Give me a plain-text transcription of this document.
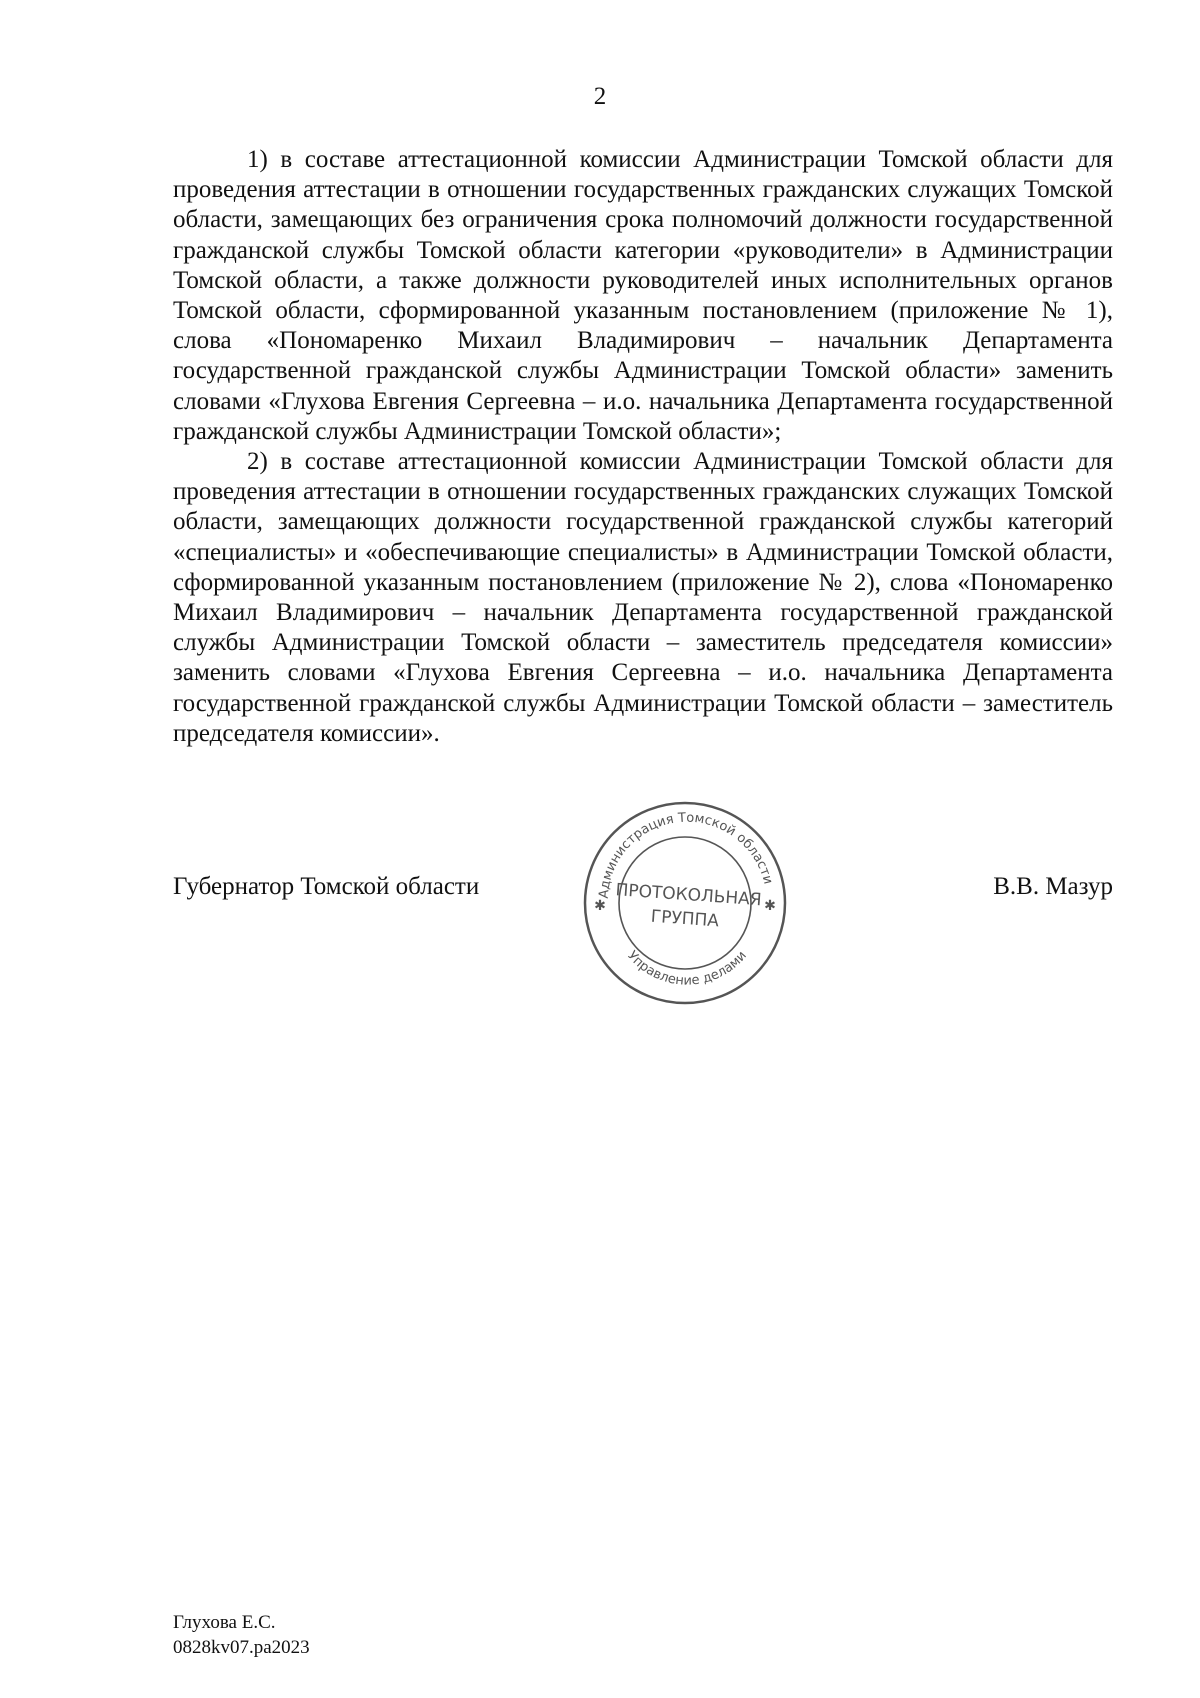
2

1) в составе аттестационной комиссии Администрации Томской области для проведения аттестации в отношении государственных гражданских служащих Томской области, замещающих без ограничения срока полномочий должности государственной гражданской службы Томской области категории «руководители» в Администрации Томской области, а также должности руководителей иных исполнительных органов Томской области, сформированной указанным постановлением (приложение № 1), слова «Пономаренко Михаил Владимирович – начальник Департамента государственной гражданской службы Администрации Томской области» заменить словами «Глухова Евгения Сергеевна – и.о. начальника Департамента государственной гражданской службы Администрации Томской области»;

2) в составе аттестационной комиссии Администрации Томской области для проведения аттестации в отношении государственных гражданских служащих Томской области, замещающих должности государственной гражданской службы категорий «специалисты» и «обеспечивающие специалисты» в Администрации Томской области, сформированной указанным постановлением (приложение № 2), слова «Пономаренко Михаил Владимирович – начальник Департамента государственной гражданской службы Администрации Томской области – заместитель председателя комиссии» заменить словами «Глухова Евгения Сергеевна – и.о. начальника Департамента государственной гражданской службы Администрации Томской области – заместитель председателя комиссии».

Губернатор Томской области	В.В. Мазур
Администрация Томской области
Управление делами
✱	✱
ПРОТОКОЛЬНАЯ
ГРУППА
Глухова Е.С.
0828kv07.pa2023
